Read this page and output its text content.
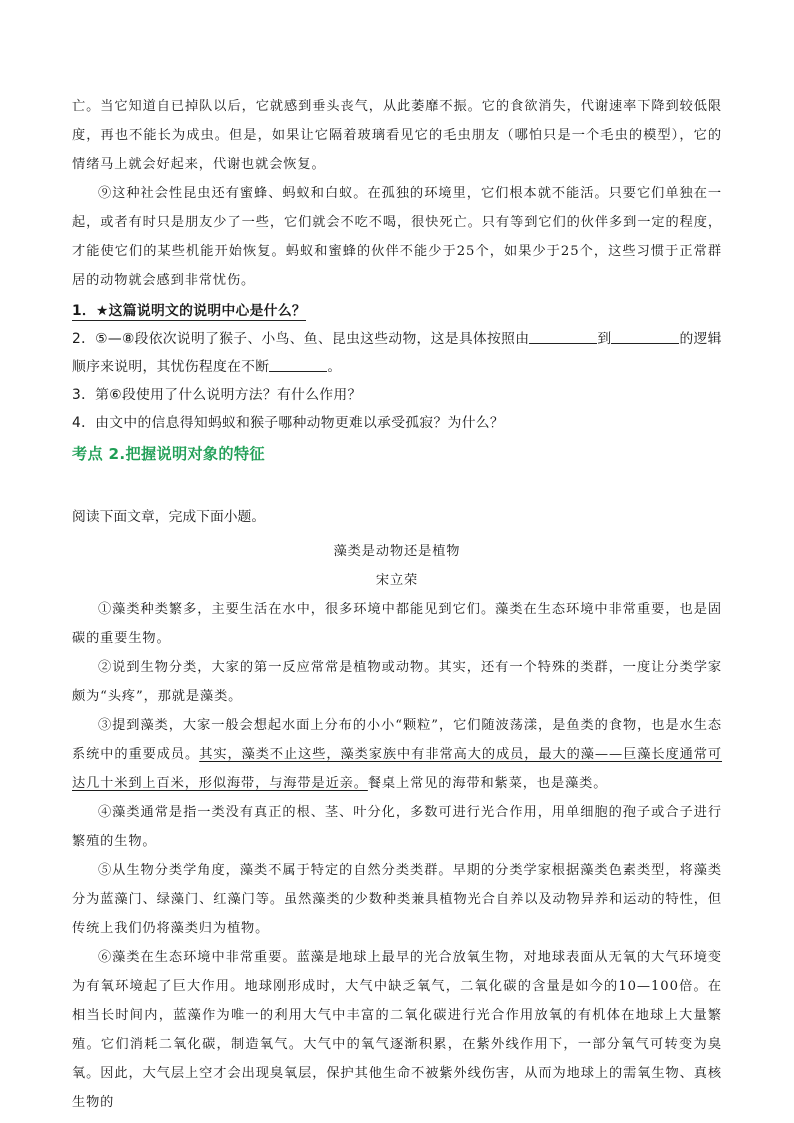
亡。当它知道自已掉队以后，它就感到垂头丧气，从此萎靡不振。它的食欲消失，代谢速率下降到较低限度，再也不能长为成虫。但是，如果让它隔着玻璃看见它的毛虫朋友（哪怕只是一个毛虫的模型），它的情绪马上就会好起来，代谢也就会恢复。

⑨这种社会性昆虫还有蜜蜂、蚂蚁和白蚁。在孤独的环境里，它们根本就不能活。只要它们单独在一起，或者有时只是朋友少了一些，它们就会不吃不喝，很快死亡。只有等到它们的伙伴多到一定的程度，才能使它们的某些机能开始恢复。蚂蚁和蜜蜂的伙伴不能少于25个，如果少于25个，这些习惯于正常群居的动物就会感到非常忧伤。

1．★这篇说明文的说明中心是什么？

2．⑤—⑧段依次说明了猴子、小鸟、鱼、昆虫这些动物，这是具体按照由	到	的逻辑顺序来说明，其忧伤程度在不断	。

3．第⑥段使用了什么说明方法？有什么作用？

4．由文中的信息得知蚂蚁和猴子哪种动物更难以承受孤寂？为什么？

考点 2.把握说明对象的特征

阅读下面文章，完成下面小题。

藻类是动物还是植物

宋立荣

①藻类种类繁多，主要生活在水中，很多环境中都能见到它们。藻类在生态环境中非常重要，也是固碳的重要生物。

②说到生物分类，大家的第一反应常常是植物或动物。其实，还有一个特殊的类群，一度让分类学家颇为“头疼”，那就是藻类。

③提到藻类，大家一般会想起水面上分布的小小“颗粒”，它们随波荡漾，是鱼类的食物，也是水生态系统中的重要成员。其实，藻类不止这些，藻类家族中有非常高大的成员，最大的藻——巨藻长度通常可达几十米到上百米，形似海带，与海带是近亲。餐桌上常见的海带和紫菜，也是藻类。

④藻类通常是指一类没有真正的根、茎、叶分化，多数可进行光合作用，用单细胞的孢子或合子进行繁殖的生物。

⑤从生物分类学角度，藻类不属于特定的自然分类类群。早期的分类学家根据藻类色素类型，将藻类分为蓝藻门、绿藻门、红藻门等。虽然藻类的少数种类兼具植物光合自养以及动物异养和运动的特性，但传统上我们仍将藻类归为植物。

⑥藻类在生态环境中非常重要。蓝藻是地球上最早的光合放氧生物，对地球表面从无氧的大气环境变为有氧环境起了巨大作用。地球刚形成时，大气中缺乏氧气，二氧化碳的含量是如今的10—100倍。在相当长时间内，蓝藻作为唯一的利用大气中丰富的二氧化碳进行光合作用放氧的有机体在地球上大量繁殖。它们消耗二氧化碳，制造氧气。大气中的氧气逐渐积累，在紫外线作用下，一部分氧气可转变为臭氧。因此，大气层上空才会出现臭氧层，保护其他生命不被紫外线伤害，从而为地球上的需氧生物、真核生物的
